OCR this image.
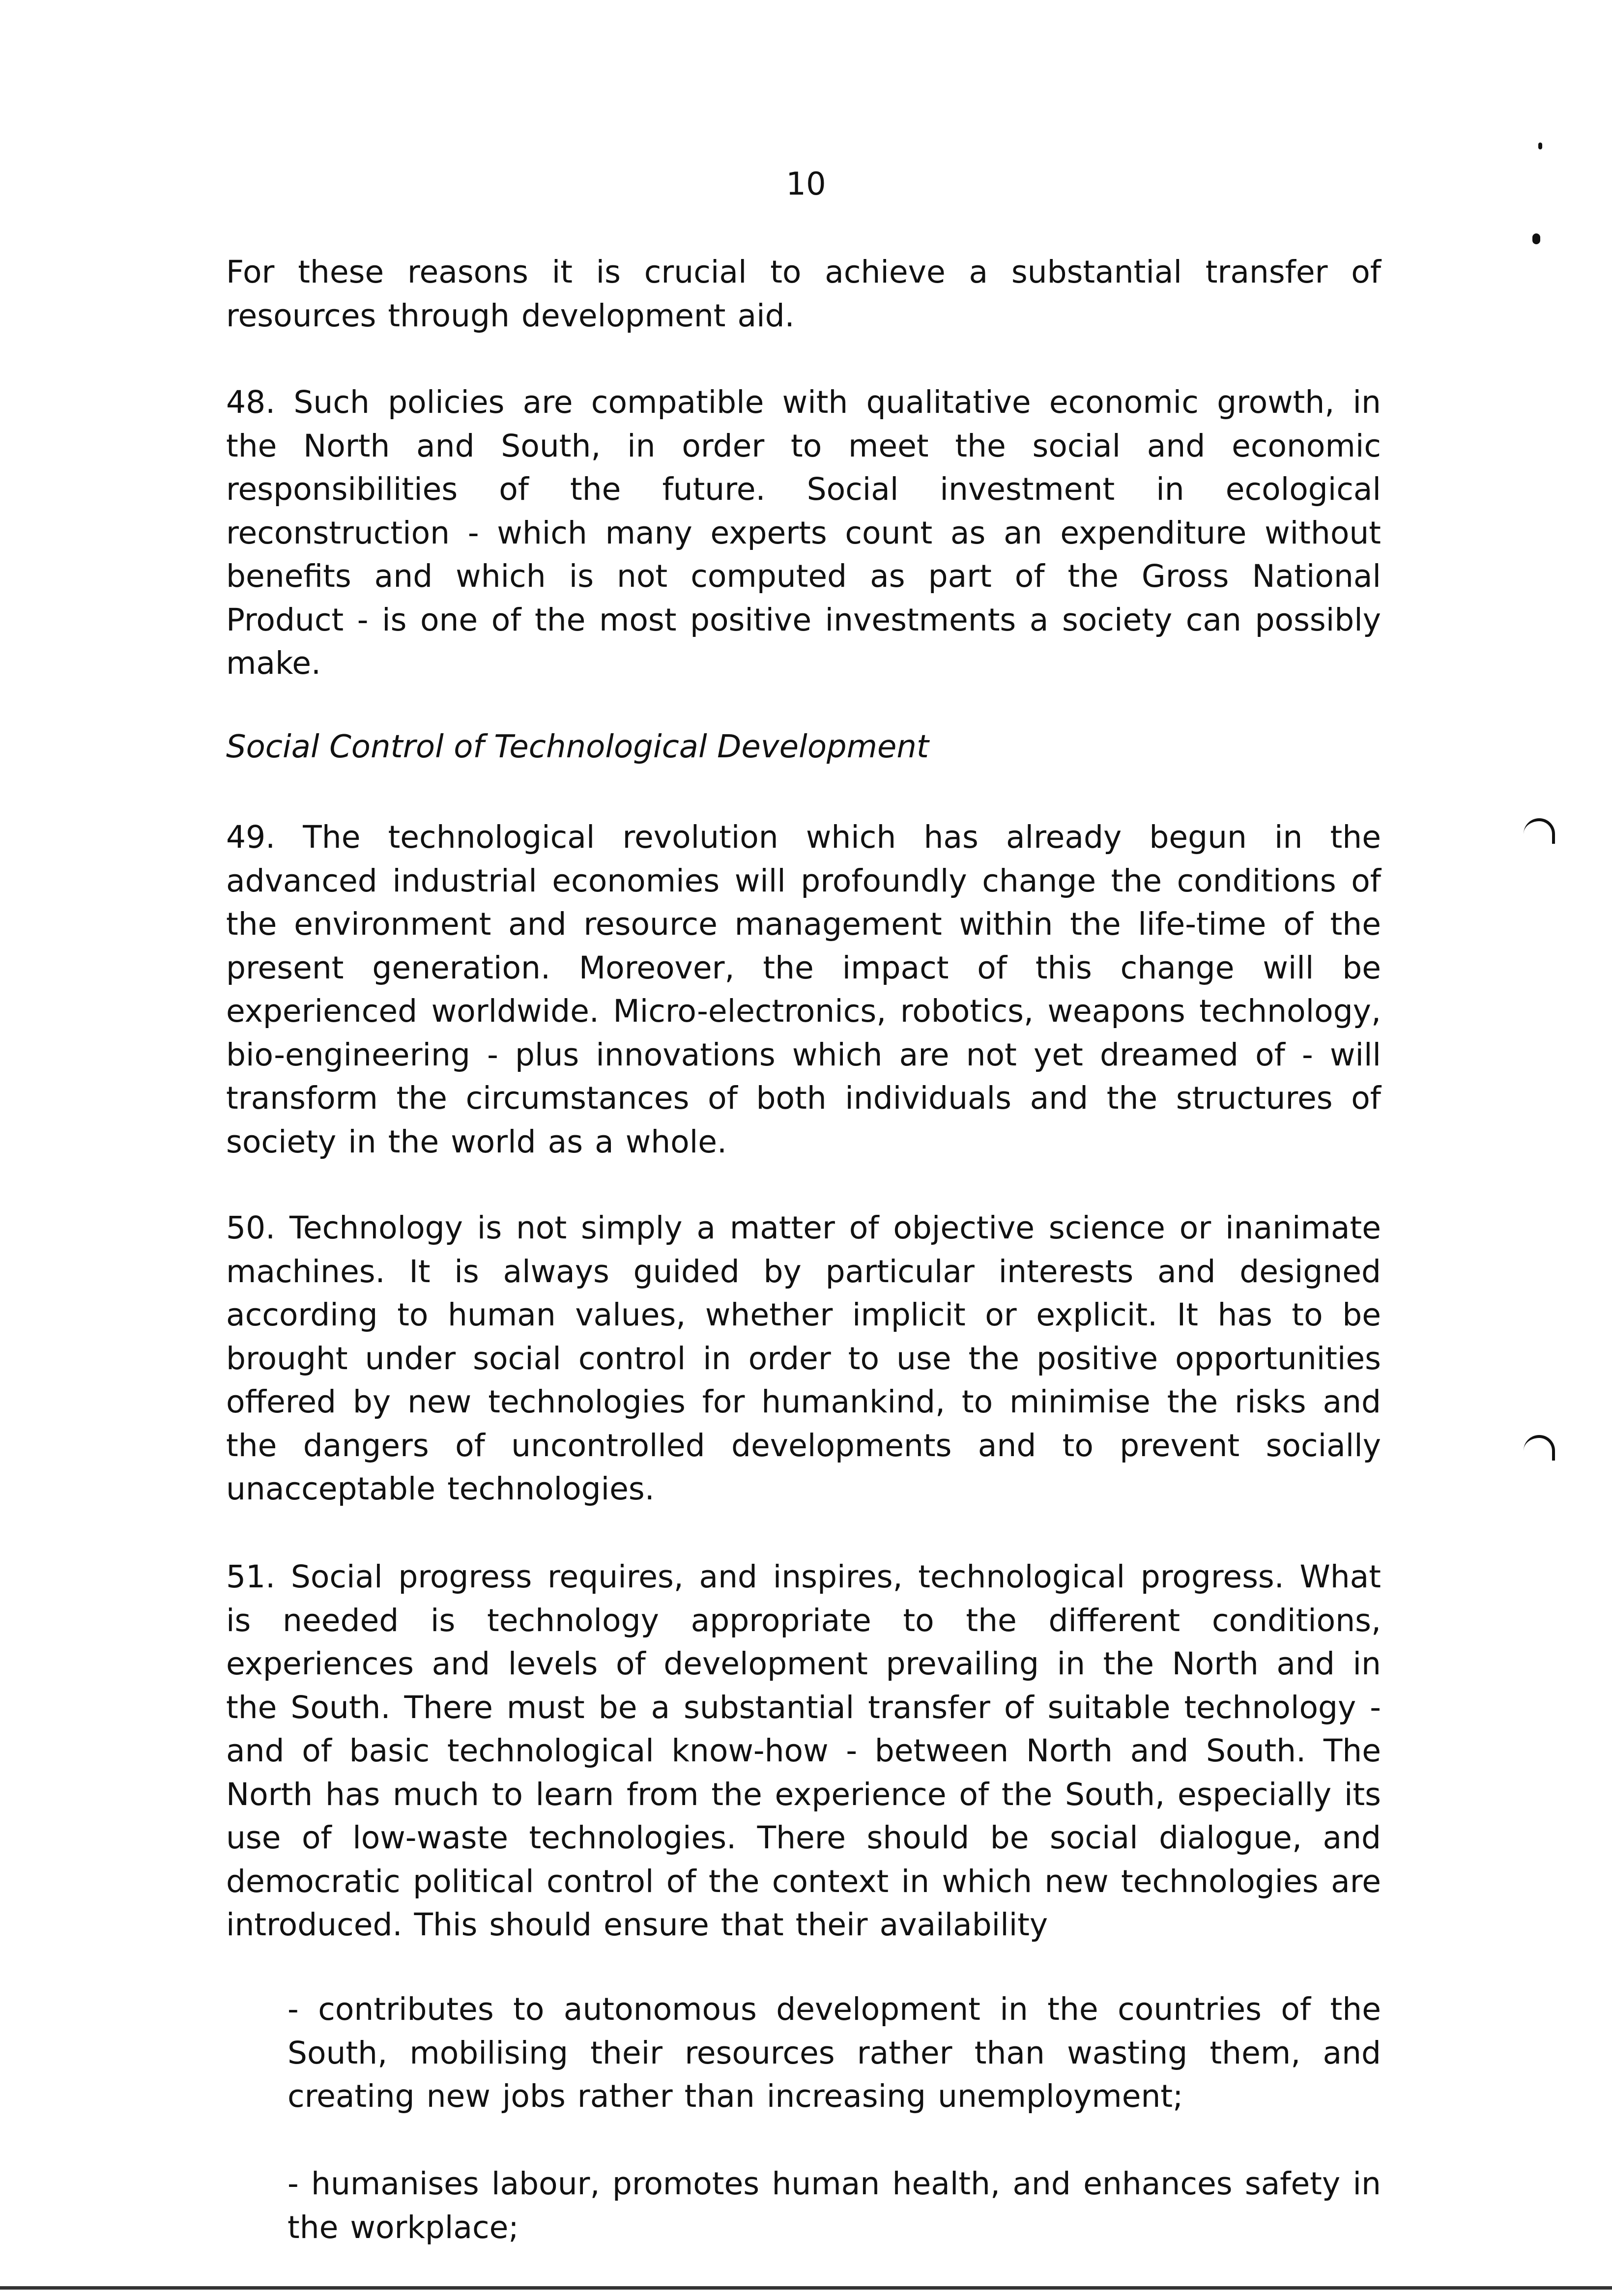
10
For these reasons it is crucial to achieve a substantial transfer of resources through development aid.
48. Such policies are compatible with qualitative economic growth, in the North and South, in order to meet the social and economic responsibilities of the future. Social investment in ecological reconstruction - which many experts count as an expenditure without benefits and which is not computed as part of the Gross National Product - is one of the most positive investments a society can possibly make.
Social Control of Technological Development
49. The technological revolution which has already begun in the advanced industrial economies will profoundly change the conditions of the environment and resource management within the life-time of the present generation. Moreover, the impact of this change will be experienced worldwide. Micro-electronics, robotics, weapons technology, bio-engineering - plus innovations which are not yet dreamed of - will transform the circumstances of both individuals and the structures of society in the world as a whole.
50. Technology is not simply a matter of objective science or inanimate machines. It is always guided by particular interests and designed according to human values, whether implicit or explicit. It has to be brought under social control in order to use the positive opportunities offered by new technologies for humankind, to minimise the risks and the dangers of uncontrolled developments and to prevent socially unacceptable technologies.
51. Social progress requires, and inspires, technological progress. What is needed is technology appropriate to the different conditions, experiences and levels of development prevailing in the North and in the South. There must be a substantial transfer of suitable technology - and of basic technological know-how - between North and South. The North has much to learn from the experience of the South, especially its use of low-waste technologies. There should be social dialogue, and democratic political control of the context in which new technologies are introduced. This should ensure that their availability
- contributes to autonomous development in the countries of the South, mobilising their resources rather than wasting them, and creating new jobs rather than increasing unemployment;
- humanises labour, promotes human health, and enhances safety in the workplace;
